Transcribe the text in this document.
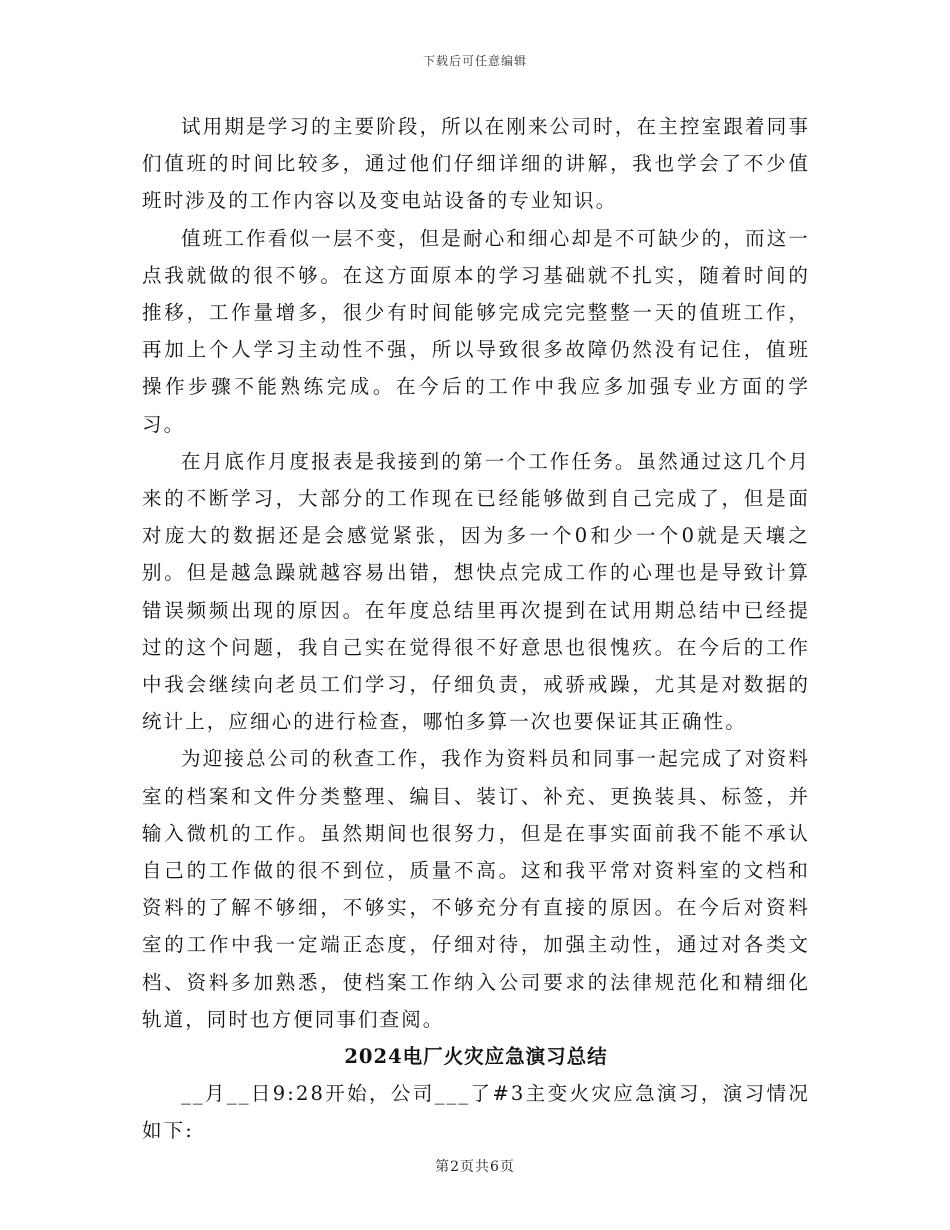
下载后可任意编辑

试用期是学习的主要阶段，所以在刚来公司时，在主控室跟着同事们值班的时间比较多，通过他们仔细详细的讲解，我也学会了不少值班时涉及的工作内容以及变电站设备的专业知识。

值班工作看似一层不变，但是耐心和细心却是不可缺少的，而这一点我就做的很不够。在这方面原本的学习基础就不扎实，随着时间的推移，工作量增多，很少有时间能够完成完完整整一天的值班工作，再加上个人学习主动性不强，所以导致很多故障仍然没有记住，值班操作步骤不能熟练完成。在今后的工作中我应多加强专业方面的学习。

在月底作月度报表是我接到的第一个工作任务。虽然通过这几个月来的不断学习，大部分的工作现在已经能够做到自己完成了，但是面对庞大的数据还是会感觉紧张，因为多一个0和少一个0就是天壤之别。但是越急躁就越容易出错，想快点完成工作的心理也是导致计算错误频频出现的原因。在年度总结里再次提到在试用期总结中已经提过的这个问题，我自己实在觉得很不好意思也很愧疚。在今后的工作中我会继续向老员工们学习，仔细负责，戒骄戒躁，尤其是对数据的统计上，应细心的进行检查，哪怕多算一次也要保证其正确性。

为迎接总公司的秋查工作，我作为资料员和同事一起完成了对资料室的档案和文件分类整理、编目、装订、补充、更换装具、标签，并输入微机的工作。虽然期间也很努力，但是在事实面前我不能不承认自己的工作做的很不到位，质量不高。这和我平常对资料室的文档和资料的了解不够细，不够实，不够充分有直接的原因。在今后对资料室的工作中我一定端正态度，仔细对待，加强主动性，通过对各类文档、资料多加熟悉，使档案工作纳入公司要求的法律规范化和精细化轨道，同时也方便同事们查阅。

2024电厂火灾应急演习总结

__月__日9:28开始，公司___了#3主变火灾应急演习，演习情况如下:

第2页共6页
